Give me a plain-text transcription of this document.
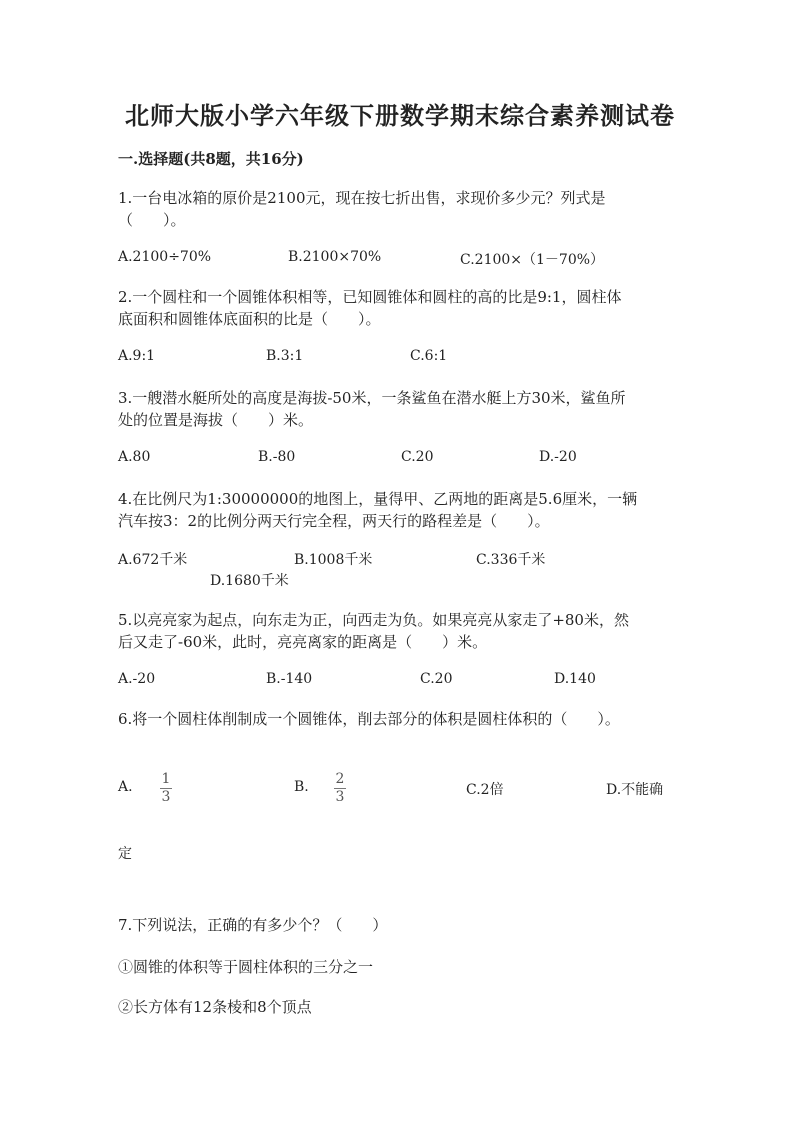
北师大版小学六年级下册数学期末综合素养测试卷
一.选择题(共8题，共16分)
1.一台电冰箱的原价是2100元，现在按七折出售，求现价多少元？列式是
（　　）。
A.2100÷70%	B.2100×70%	C.2100×（1－70%）
2.一个圆柱和一个圆锥体积相等，已知圆锥体和圆柱的高的比是9:1，圆柱体
底面积和圆锥体底面积的比是（　　）。
A.9:1	B.3:1	C.6:1
3.一艘潜水艇所处的高度是海拔-50米，一条鲨鱼在潜水艇上方30米，鲨鱼所
处的位置是海拔（　　）米。
A.80	B.-80	C.20	D.-20
4.在比例尺为1:30000000的地图上，量得甲、乙两地的距离是5.6厘米，一辆
汽车按3：2的比例分两天行完全程，两天行的路程差是（　　）。
A.672千米	B.1008千米	C.336千米
D.1680千米
5.以亮亮家为起点，向东走为正，向西走为负。如果亮亮从家走了+80米，然
后又走了-60米，此时，亮亮离家的距离是（　　）米。
A.-20	B.-140	C.20	D.140
6.将一个圆柱体削制成一个圆锥体，削去部分的体积是圆柱体积的（　　）。
A. 1
3
B. 2
3	C.2倍	D.不能确
定
7.下列说法，正确的有多少个？（　　）
①圆锥的体积等于圆柱体积的三分之一
②长方体有12条棱和8个顶点
